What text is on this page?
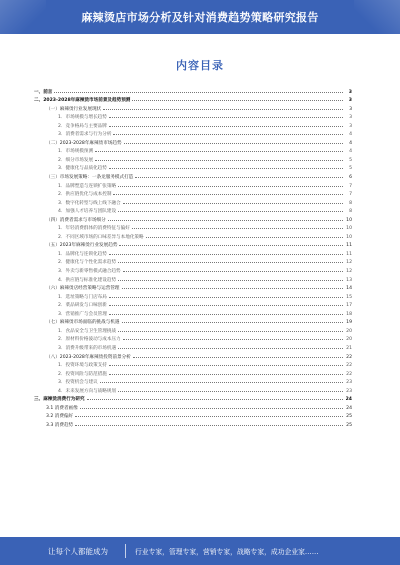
麻辣烫店市场分析及针对消费趋势策略研究报告
内容目录
一、前言	3
二、2023-2028年麻辣烫市场前景及趋势预测	3
（一）麻辣烫行业发展现状	3
1．市场规模与增长趋势	3
2．竞争格局与主要品牌	3
3．消费者需求与行为分析	4
（二）2023-2028年麻辣烫市场趋势	4
1．市场规模预测	4
2．细分市场发展	5
3．健康化与品质化趋势	5
（三）市场发展策略：一条龙服务模式打造	6
1．品牌塑造与连锁扩张策略	7
2．供应链优化与成本控制	7
3．数字化转型与线上线下融合	8
4．加强人才培养与团队建设	8
（四）消费者需求与市场细分	10
1．年轻消费群体的消费特征与偏好	10
2．不同区域市场的口味差异与本地化策略	10
（五）2023年麻辣烫行业发展趋势	11
1．品牌化与连锁化趋势	11
2．健康化与个性化需求趋势	12
3．外卖与新零售模式融合趋势	12
4．供应链与标准化建设趋势	13
（六）麻辣烫店经营策略与运营管理	14
1．选址策略与门店布局	15
2．菜品研发与口味创新	17
3．营销推广与会员管理	18
（七）麻辣烫市场面临的挑战与机遇	19
1．食品安全与卫生管理挑战	20
2．原材料价格波动与成本压力	20
3．消费升级带来的市场机遇	21
（八）2023-2028年麻辣烫投资前景分析	22
1．投资环境与政策支持	22
2．投资风险与防范措施	22
3．投资机会与建议	23
4．未来发展方向与战略规划	23
三、麻辣烫消费行为研究	24
3.1 消费者画像	24
3.2 消费偏好	25
3.3 消费趋势	25
让每个人都能成为	行业专家，管理专家，营销专家，战略专家，成功企业家……
